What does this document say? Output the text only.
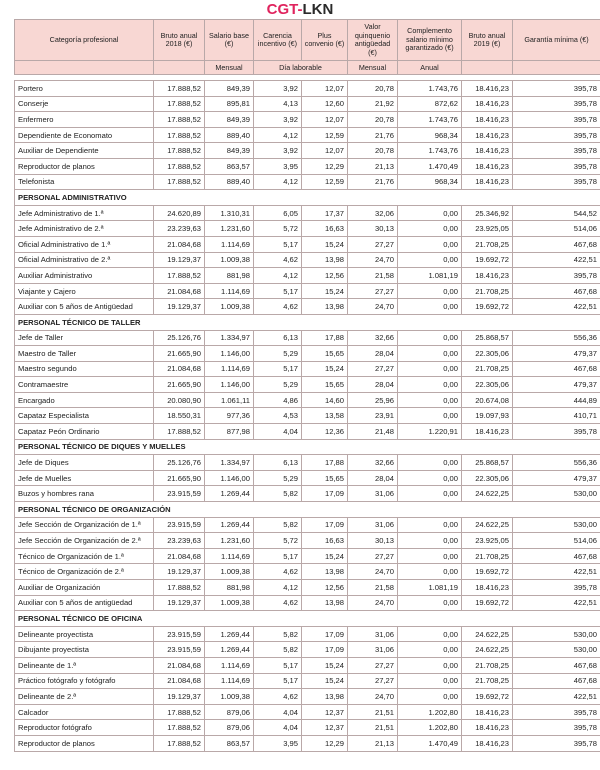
CGT-LKN
Categoría profesional	Bruto anual 2018 (€)	Salario base (€)	Carencia incentivo (€)	Plus convenio (€)	Valor quinquenio antigüedad (€)	Complemento salario mínimo garantizado (€)	Bruto anual 2019 (€)	Garantía mínima (€)
		Mensual	Día laborable		Mensual	Anual		

Portero	17.888,52	849,39	3,92	12,07	20,78	1.743,76	18.416,23	395,78
Conserje	17.888,52	895,81	4,13	12,60	21,92	872,62	18.416,23	395,78
Enfermero	17.888,52	849,39	3,92	12,07	20,78	1.743,76	18.416,23	395,78
Dependiente de Economato	17.888,52	889,40	4,12	12,59	21,76	968,34	18.416,23	395,78
Auxiliar de Dependiente	17.888,52	849,39	3,92	12,07	20,78	1.743,76	18.416,23	395,78
Reproductor de planos	17.888,52	863,57	3,95	12,29	21,13	1.470,49	18.416,23	395,78
Telefonista	17.888,52	889,40	4,12	12,59	21,76	968,34	18.416,23	395,78
PERSONAL ADMINISTRATIVO								
Jefe Administrativo de 1.ª	24.620,89	1.310,31	6,05	17,37	32,06	0,00	25.346,92	544,52
Jefe Administrativo de 2.ª	23.239,63	1.231,60	5,72	16,63	30,13	0,00	23.925,05	514,06
Oficial Administrativo de 1.ª	21.084,68	1.114,69	5,17	15,24	27,27	0,00	21.708,25	467,68
Oficial Administrativo de 2.ª	19.129,37	1.009,38	4,62	13,98	24,70	0,00	19.692,72	422,51
Auxiliar Administrativo	17.888,52	881,98	4,12	12,56	21,58	1.081,19	18.416,23	395,78
Viajante y Cajero	21.084,68	1.114,69	5,17	15,24	27,27	0,00	21.708,25	467,68
Auxiliar con 5 años de Antigüedad	19.129,37	1.009,38	4,62	13,98	24,70	0,00	19.692,72	422,51
PERSONAL TÉCNICO DE TALLER								
Jefe de Taller	25.126,76	1.334,97	6,13	17,88	32,66	0,00	25.868,57	556,36
Maestro de Taller	21.665,90	1.146,00	5,29	15,65	28,04	0,00	22.305,06	479,37
Maestro segundo	21.084,68	1.114,69	5,17	15,24	27,27	0,00	21.708,25	467,68
Contramaestre	21.665,90	1.146,00	5,29	15,65	28,04	0,00	22.305,06	479,37
Encargado	20.080,90	1.061,11	4,86	14,60	25,96	0,00	20.674,08	444,89
Capataz Especialista	18.550,31	977,36	4,53	13,58	23,91	0,00	19.097,93	410,71
Capataz Peón Ordinario	17.888,52	877,98	4,04	12,36	21,48	1.220,91	18.416,23	395,78
PERSONAL TÉCNICO DE DIQUES Y MUELLES								
Jefe de Diques	25.126,76	1.334,97	6,13	17,88	32,66	0,00	25.868,57	556,36
Jefe de Muelles	21.665,90	1.146,00	5,29	15,65	28,04	0,00	22.305,06	479,37
Buzos y hombres rana	23.915,59	1.269,44	5,82	17,09	31,06	0,00	24.622,25	530,00
PERSONAL TÉCNICO DE ORGANIZACIÓN								
Jefe Sección de Organización de 1.ª	23.915,59	1.269,44	5,82	17,09	31,06	0,00	24.622,25	530,00
Jefe Sección de Organización de 2.ª	23.239,63	1.231,60	5,72	16,63	30,13	0,00	23.925,05	514,06
Técnico de Organización de 1.ª	21.084,68	1.114,69	5,17	15,24	27,27	0,00	21.708,25	467,68
Técnico de Organización de 2.ª	19.129,37	1.009,38	4,62	13,98	24,70	0,00	19.692,72	422,51
Auxiliar de Organización	17.888,52	881,98	4,12	12,56	21,58	1.081,19	18.416,23	395,78
Auxiliar con 5 años de antigüedad	19.129,37	1.009,38	4,62	13,98	24,70	0,00	19.692,72	422,51
PERSONAL TÉCNICO DE OFICINA								
Delineante proyectista	23.915,59	1.269,44	5,82	17,09	31,06	0,00	24.622,25	530,00
Dibujante proyectista	23.915,59	1.269,44	5,82	17,09	31,06	0,00	24.622,25	530,00
Delineante de 1.ª	21.084,68	1.114,69	5,17	15,24	27,27	0,00	21.708,25	467,68
Práctico fotógrafo y fotógrafo	21.084,68	1.114,69	5,17	15,24	27,27	0,00	21.708,25	467,68
Delineante de 2.ª	19.129,37	1.009,38	4,62	13,98	24,70	0,00	19.692,72	422,51
Calcador	17.888,52	879,06	4,04	12,37	21,51	1.202,80	18.416,23	395,78
Reproductor fotógrafo	17.888,52	879,06	4,04	12,37	21,51	1.202,80	18.416,23	395,78
Reproductor de planos	17.888,52	863,57	3,95	12,29	21,13	1.470,49	18.416,23	395,78
